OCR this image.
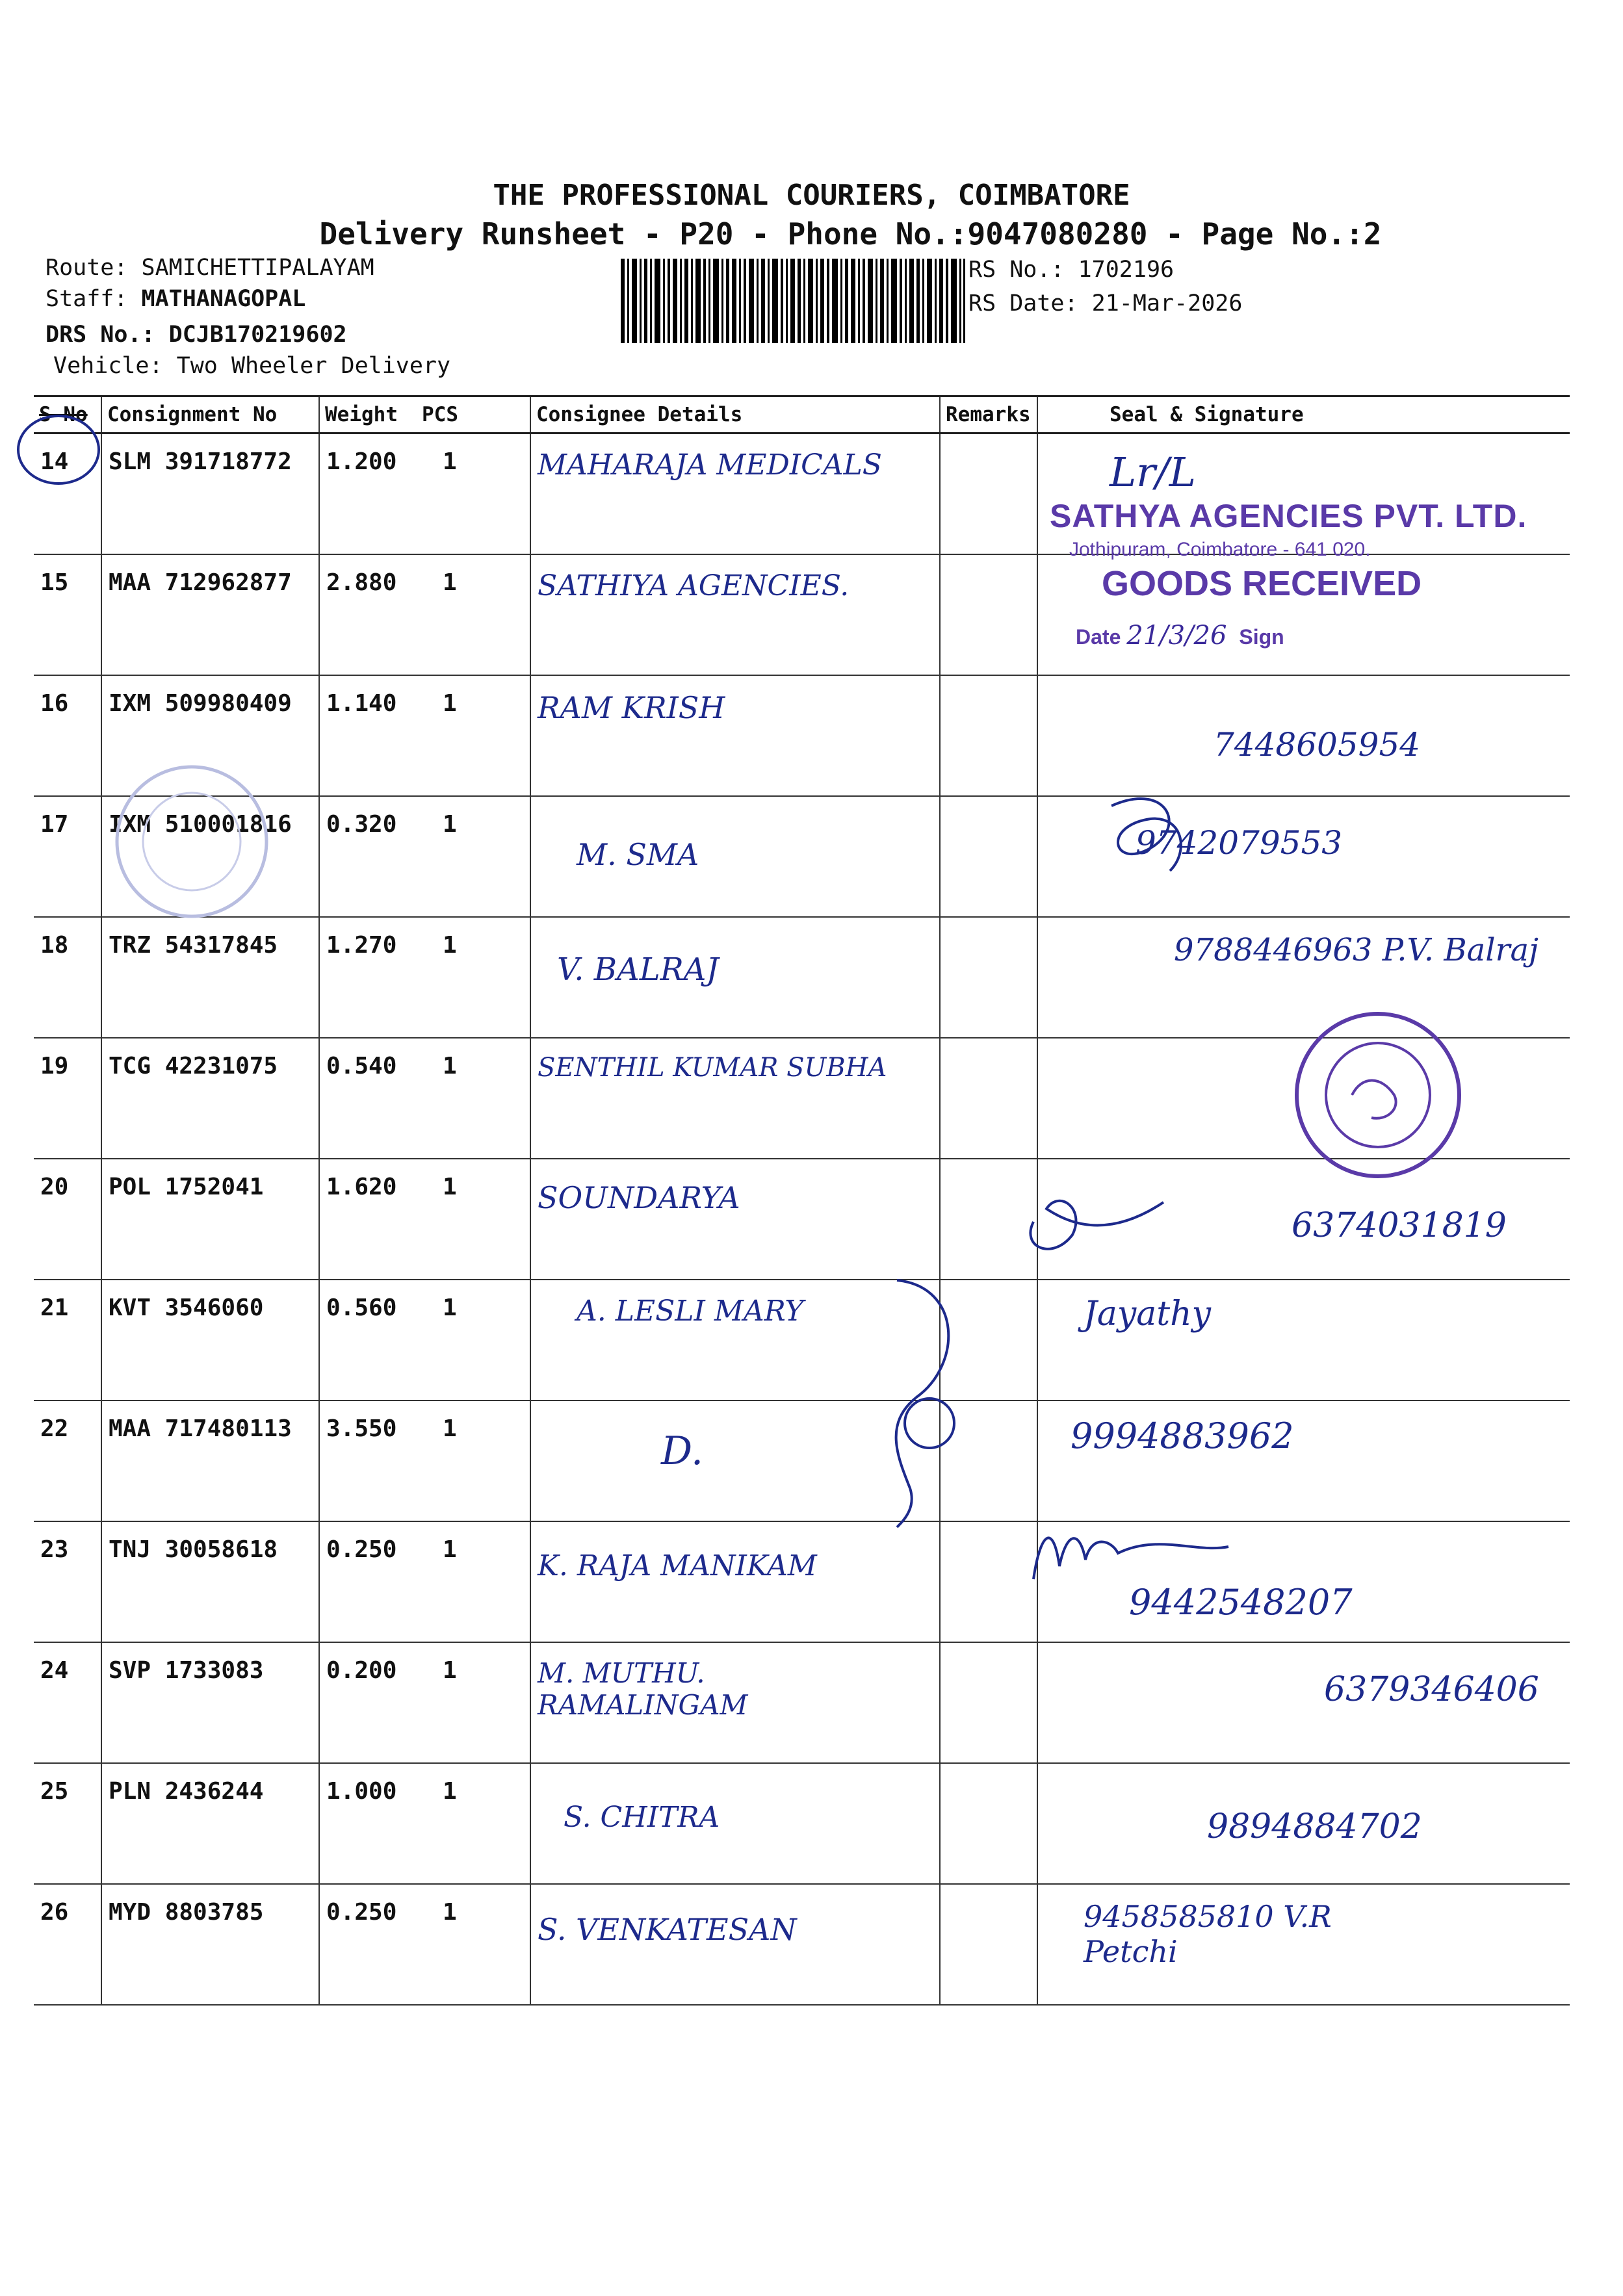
THE PROFESSIONAL COURIERS, COIMBATORE
Delivery Runsheet - P20 - Phone No.:9047080280 - Page No.:2
Route: SAMICHETTIPALAYAM
Staff: MATHANAGOPAL
DRS No.: DCJB170219602
Vehicle: Two Wheeler Delivery
RS No.: 1702196
RS Date: 21-Mar-2026
S No	Consignment No	Weight	PCS	Consignee Details	Remarks	Seal & Signature
14	SLM 391718772	1.200	1	MAHARAJA MEDICALS		Lr/L
15	MAA 712962877	2.880	1	SATHIYA AGENCIES.		
16	IXM 509980409	1.140	1	RAM KRISH		7448605954
17	IXM 510001816	0.320	1	M. SMA		9742079553
18	TRZ 54317845	1.270	1	V. BALRAJ		9788446963 P.V. Balraj
19	TCG 42231075	0.540	1	SENTHIL KUMAR SUBHA		
20	POL 1752041	1.620	1	SOUNDARYA		6374031819
21	KVT 3546060	0.560	1	A. LESLI MARY		Jayathy
22	MAA 717480113	3.550	1	D.		9994883962
23	TNJ 30058618	0.250	1	K. RAJA MANIKAM		9442548207
24	SVP 1733083	0.200	1	M. MUTHU. RAMALINGAM		6379346406
25	PLN 2436244	1.000	1	S. CHITRA		9894884702
26	MYD 8803785	0.250	1	S. VENKATESAN		9458585810 V.R Petchi
SATHYA AGENCIES PVT. LTD.
Jothipuram, Coimbatore - 641 020.
GOODS RECEIVED
Date 21/3/26 Sign
